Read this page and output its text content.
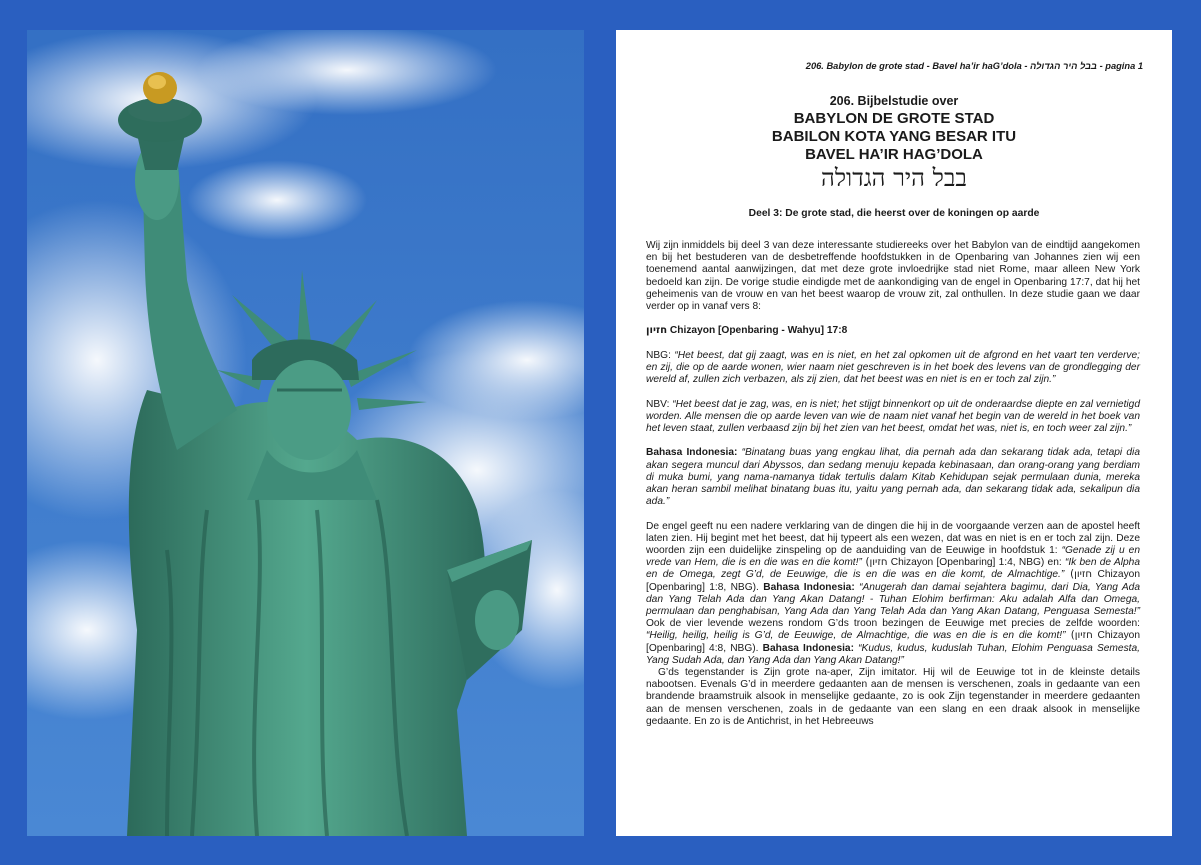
206. Babylon de grote stad - Bavel ha’ir haG’dola - בבל היר הגדולה - pagina 1
206. Bijbelstudie over
BABYLON DE GROTE STAD
BABILON KOTA YANG BESAR ITU
BAVEL HA’IR HAG’DOLA
בבל היר הגדולה
Deel 3: De grote stad, die heerst over de koningen op aarde

Wij zijn inmiddels bij deel 3 van deze interessante studiereeks over het Babylon van de eindtijd aangekomen en bij het bestuderen van de desbetreffende hoofdstukken in de Openbaring van Johannes zien wij een toenemend aantal aanwijzingen, dat met deze grote invloedrijke stad niet Rome, maar alleen New York bedoeld kan zijn. De vorige studie eindigde met de aankondiging van de engel in Openbaring 17:7, dat hij het geheimenis van de vrouw en van het beest waarop de vrouw zit, zal onthullen. In deze studie gaan we daar verder op in vanaf vers 8:

חזיון Chizayon [Openbaring - Wahyu] 17:8

NBG: “Het beest, dat gij zaagt, was en is niet, en het zal opkomen uit de afgrond en het vaart ten verderve; en zij, die op de aarde wonen, wier naam niet geschreven is in het boek des levens van de grondlegging der wereld af, zullen zich verbazen, als zij zien, dat het beest was en niet is en er toch zal zijn.”

NBV: “Het beest dat je zag, was, en is niet; het stijgt binnenkort op uit de onderaardse diepte en zal vernietigd worden. Alle mensen die op aarde leven van wie de naam niet vanaf het begin van de wereld in het boek van het leven staat, zullen verbaasd zijn bij het zien van het beest, omdat het was, niet is, en toch weer zal zijn.”

Bahasa Indonesia: “Binatang buas yang engkau lihat, dia pernah ada dan sekarang tidak ada, tetapi dia akan segera muncul dari Abyssos, dan sedang menuju kepada kebinasaan, dan orang-orang yang berdiam di muka bumi, yang nama-namanya tidak tertulis dalam Kitab Kehidupan sejak permulaan dunia, mereka akan heran sambil melihat binatang buas itu, yaitu yang pernah ada, dan sekarang tidak ada, sekalipun dia ada.”

De engel geeft nu een nadere verklaring van de dingen die hij in de voorgaande verzen aan de apostel heeft laten zien. Hij begint met het beest, dat hij typeert als een wezen, dat was en niet is en er toch zal zijn. Deze woorden zijn een duidelijke zinspeling op de aanduiding van de Eeuwige in hoofdstuk 1: “Genade zij u en vrede van Hem, die is en die was en die komt!” (חזיון Chizayon [Openbaring] 1:4, NBG) en: “Ik ben de Alpha en de Omega, zegt G’d, de Eeuwige, die is en die was en die komt, de Almachtige.” (חזיון Chizayon [Openbaring] 1:8, NBG). Bahasa Indonesia: “Anugerah dan damai sejahtera bagimu, dari Dia, Yang Ada dan Yang Telah Ada dan Yang Akan Datang! - Tuhan Elohim berfirman: Aku adalah Alfa dan Omega, permulaan dan penghabisan, Yang Ada dan Yang Telah Ada dan Yang Akan Datang, Penguasa Semesta!” Ook de vier levende wezens rondom G’ds troon bezingen de Eeuwige met precies de zelfde woorden: “Heilig, heilig, heilig is G’d, de Eeuwige, de Almachtige, die was en die is en die komt!” (חזיון Chizayon [Openbaring] 4:8, NBG). Bahasa Indonesia: “Kudus, kudus, kuduslah Tuhan, Elohim Penguasa Semesta, Yang Sudah Ada, dan Yang Ada dan Yang Akan Datang!”

G’ds tegenstander is Zijn grote na-aper, Zijn imitator. Hij wil de Eeuwige tot in de kleinste details nabootsen. Evenals G’d in meerdere gedaanten aan de mensen is verschenen, zoals in gedaante van een brandende braamstruik alsook in menselijke gedaante, zo is ook Zijn tegenstander in meerdere gedaanten aan de mensen verschenen, zoals in de gedaante van een slang en een draak alsook in menselijke gedaante. En zo is de Antichrist, in het Hebreeuws
